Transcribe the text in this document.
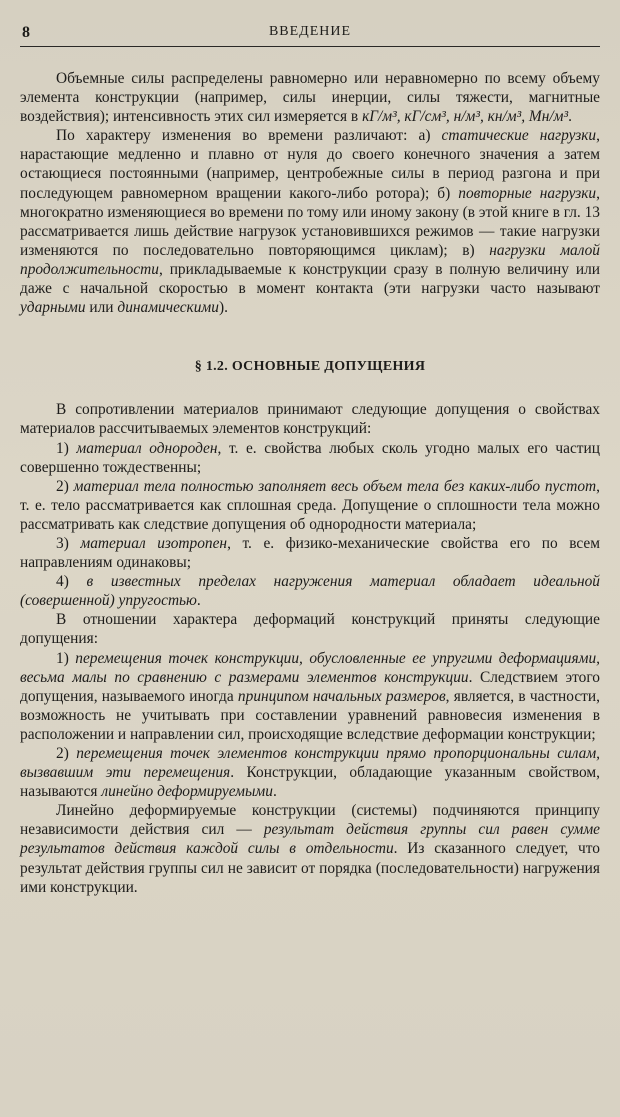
8	ВВЕДЕНИЕ

Объемные силы распределены равномерно или неравномерно по всему объему элемента конструкции (например, силы инерции, силы тяжести, магнитные воздействия); интенсивность этих сил измеряется в кГ/м³, кГ/см³, н/м³, кн/м³, Мн/м³.

По характеру изменения во времени различают: а) статические нагрузки, нарастающие медленно и плавно от нуля до своего конечного значения а затем остающиеся постоянными (например, центробежные силы в период разгона и при последующем равномерном вращении какого-либо ротора); б) повторные нагрузки, многократно изменяющиеся во времени по тому или иному закону (в этой книге в гл. 13 рассматривается лишь действие нагрузок установившихся режимов — такие нагрузки изменяются по последовательно повторяющимся циклам); в) нагрузки малой продолжительности, прикладываемые к конструкции сразу в полную величину или даже с начальной скоростью в момент контакта (эти нагрузки часто называют ударными или динамическими).

§ 1.2. ОСНОВНЫЕ ДОПУЩЕНИЯ

В сопротивлении материалов принимают следующие допущения о свойствах материалов рассчитываемых элементов конструкций:

1) материал однороден, т. е. свойства любых сколь угодно малых его частиц совершенно тождественны;

2) материал тела полностью заполняет весь объем тела без каких-либо пустот, т. е. тело рассматривается как сплошная среда. Допущение о сплошности тела можно рассматривать как следствие допущения об однородности материала;

3) материал изотропен, т. е. физико-механические свойства его по всем направлениям одинаковы;

4) в известных пределах нагружения материал обладает идеальной (совершенной) упругостью.

В отношении характера деформаций конструкций приняты следующие допущения:

1) перемещения точек конструкции, обусловленные ее упругими деформациями, весьма малы по сравнению с размерами элементов конструкции. Следствием этого допущения, называемого иногда принципом начальных размеров, является, в частности, возможность не учитывать при составлении уравнений равновесия изменения в расположении и направлении сил, происходящие вследствие деформации конструкции;

2) перемещения точек элементов конструкции прямо пропорциональны силам, вызвавшим эти перемещения. Конструкции, обладающие указанным свойством, называются линейно деформируемыми.

Линейно деформируемые конструкции (системы) подчиняются принципу независимости действия сил — результат действия группы сил равен сумме результатов действия каждой силы в отдельности. Из сказанного следует, что результат действия группы сил не зависит от порядка (последовательности) нагружения ими конструкции.
